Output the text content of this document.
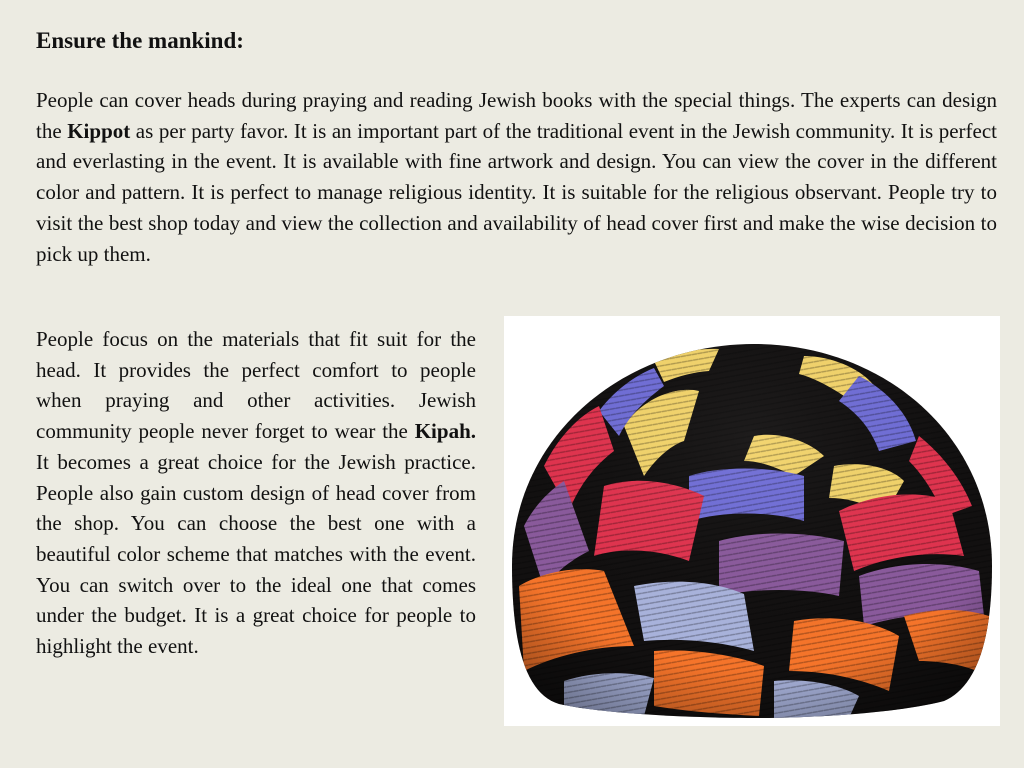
Ensure the mankind:

People can cover heads during praying and reading Jewish books with the special things. The experts can design the Kippot as per party favor. It is an important part of the traditional event in the Jewish community. It is perfect and everlasting in the event. It is available with fine artwork and design. You can view the cover in the different color and pattern. It is perfect to manage religious identity. It is suitable for the religious observant. People try to visit the best shop today and view the collection and availability of head cover first and make the wise decision to pick up them.

People focus on the materials that fit suit for the head. It provides the perfect comfort to people when praying and other activities. Jewish community people never forget to wear the Kipah. It becomes a great choice for the Jewish practice. People also gain custom design of head cover from the shop. You can choose the best one with a beautiful color scheme that matches with the event. You can switch over to the ideal one that comes under the budget. It is a great choice for people to highlight the event.
